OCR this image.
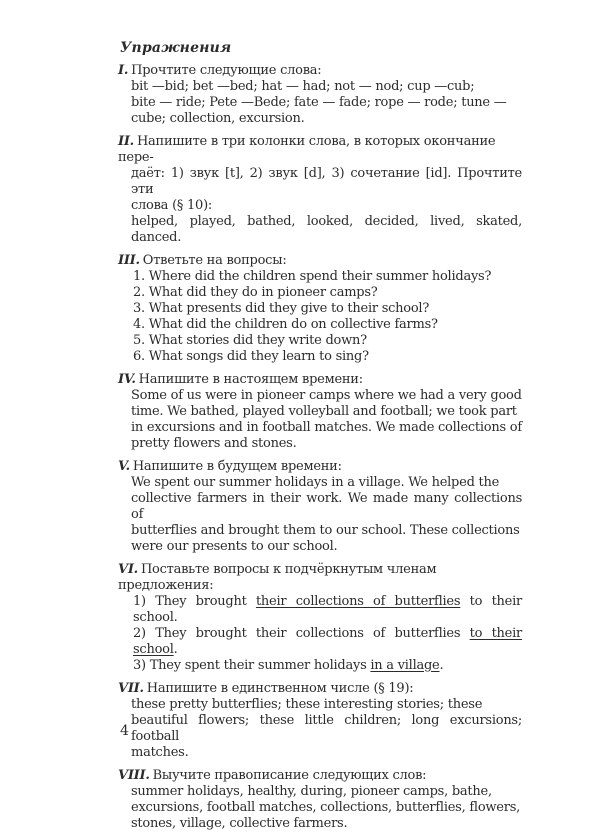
Упражнения
I. Прочтите следующие слова:
bit —bid; bet —bed; hat — had; not — nod; cup —cub;
bite — ride; Pete —Bede; fate — fade; rope — rode; tune —
cube; collection, excursion.
II. Напишите в три колонки слова, в которых окончание пере-
даёт: 1) звук [t], 2) звук [d], 3) сочетание [id]. Прочтите эти
слова (§ 10):
helped, played, bathed, looked, decided, lived, skated, danced.
III. Ответьте на вопросы:
1. Where did the children spend their summer holidays?
2. What did they do in pioneer camps?
3. What presents did they give to their school?
4. What did the children do on collective farms?
5. What stories did they write down?
6. What songs did they learn to sing?
IV. Напишите в настоящем времени:
Some of us were in pioneer camps where we had a very good
time. We bathed, played volleyball and football; we took part
in excursions and in football matches. We made collections of
pretty flowers and stones.
V. Напишите в будущем времени:
We spent our summer holidays in a village. We helped the
collective farmers in their work. We made many collections of
butterflies and brought them to our school. These collections
were our presents to our school.
VI. Поставьте вопросы к подчёркнутым членам предложения:
1) They brought their collections of butterflies to their school.
2) They brought their collections of butterflies to their school.
3) They spent their summer holidays in a village.
VII. Напишите в единственном числе (§ 19):
these pretty butterflies; these interesting stories; these
beautiful flowers; these little children; long excursions; football
matches.
VIII. Выучите правописание следующих слов:
summer holidays, healthy, during, pioneer camps, bathe,
excursions, football matches, collections, butterflies, flowers,
stones, village, collective farmers.
4
